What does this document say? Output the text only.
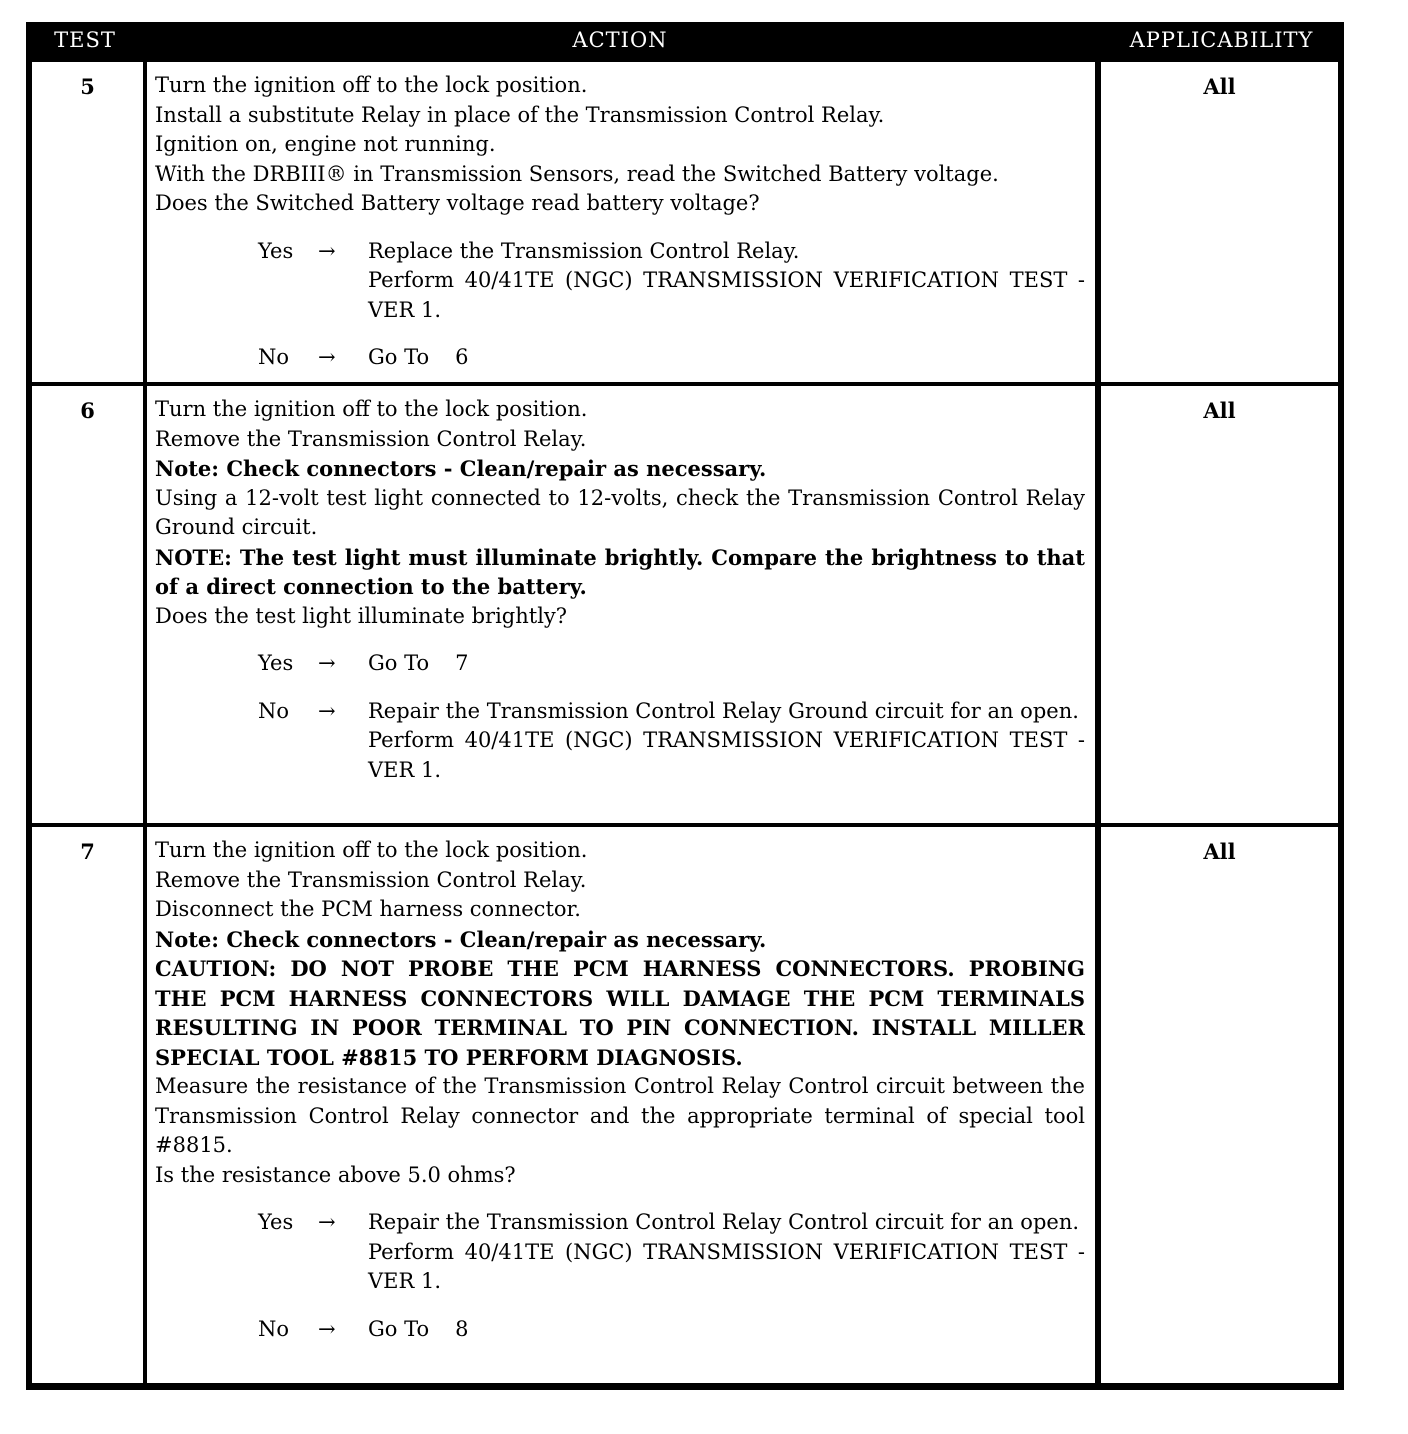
TEST	ACTION	APPLICABILITY
5	Turn the ignition off to the lock position.
Install a substitute Relay in place of the Transmission Control Relay.
Ignition on, engine not running.
With the DRBIII® in Transmission Sensors, read the Switched Battery voltage.
Does the Switched Battery voltage read battery voltage?
Yes	→	Replace the Transmission Control Relay.
Perform 40/41TE (NGC) TRANSMISSION VERIFICATION TEST - VER 1.
No	→	Go To 6
All
6	Turn the ignition off to the lock position.
Remove the Transmission Control Relay.
Note: Check connectors - Clean/repair as necessary.
Using a 12-volt test light connected to 12-volts, check the Transmission Control Relay Ground circuit.
NOTE: The test light must illuminate brightly. Compare the brightness to that of a direct connection to the battery.
Does the test light illuminate brightly?
Yes	→	Go To 7
No	→	Repair the Transmission Control Relay Ground circuit for an open.
Perform 40/41TE (NGC) TRANSMISSION VERIFICATION TEST - VER 1.
All
7	Turn the ignition off to the lock position.
Remove the Transmission Control Relay.
Disconnect the PCM harness connector.
Note: Check connectors - Clean/repair as necessary.
CAUTION: DO NOT PROBE THE PCM HARNESS CONNECTORS. PROBING THE PCM HARNESS CONNECTORS WILL DAMAGE THE PCM TERMINALS RESULTING IN POOR TERMINAL TO PIN CONNECTION. INSTALL MILLER SPECIAL TOOL #8815 TO PERFORM DIAGNOSIS.
Measure the resistance of the Transmission Control Relay Control circuit between the Transmission Control Relay connector and the appropriate terminal of special tool #8815.
Is the resistance above 5.0 ohms?
Yes	→	Repair the Transmission Control Relay Control circuit for an open.
Perform 40/41TE (NGC) TRANSMISSION VERIFICATION TEST - VER 1.
No	→	Go To 8
All
